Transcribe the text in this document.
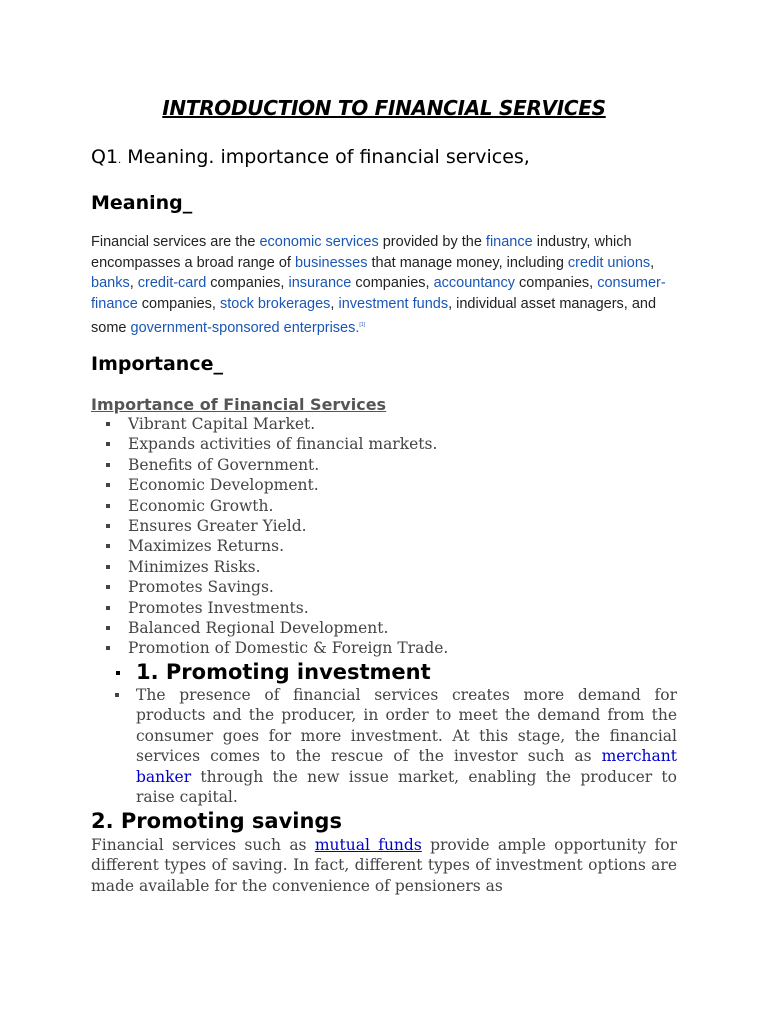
INTRODUCTION TO FINANCIAL SERVICES

Q1. Meaning. importance of financial services,

Meaning_

Financial services are the economic services provided by the finance industry, which encompasses a broad range of businesses that manage money, including credit unions, banks, credit-card companies, insurance companies, accountancy companies, consumer-finance companies, stock brokerages, investment funds, individual asset managers, and some government-sponsored enterprises.[1]

Importance_

Importance of Financial Services

Vibrant Capital Market.
Expands activities of financial markets.
Benefits of Government.
Economic Development.
Economic Growth.
Ensures Greater Yield.
Maximizes Returns.
Minimizes Risks.
Promotes Savings.
Promotes Investments.
Balanced Regional Development.
Promotion of Domestic & Foreign Trade.
1. Promoting investment

The presence of financial services creates more demand for products and the producer, in order to meet the demand from the consumer goes for more investment. At this stage, the financial services comes to the rescue of the investor such as merchant banker through the new issue market, enabling the producer to raise capital.

2. Promoting savings

Financial services such as mutual funds provide ample opportunity for different types of saving. In fact, different types of investment options are made available for the convenience of pensioners as
